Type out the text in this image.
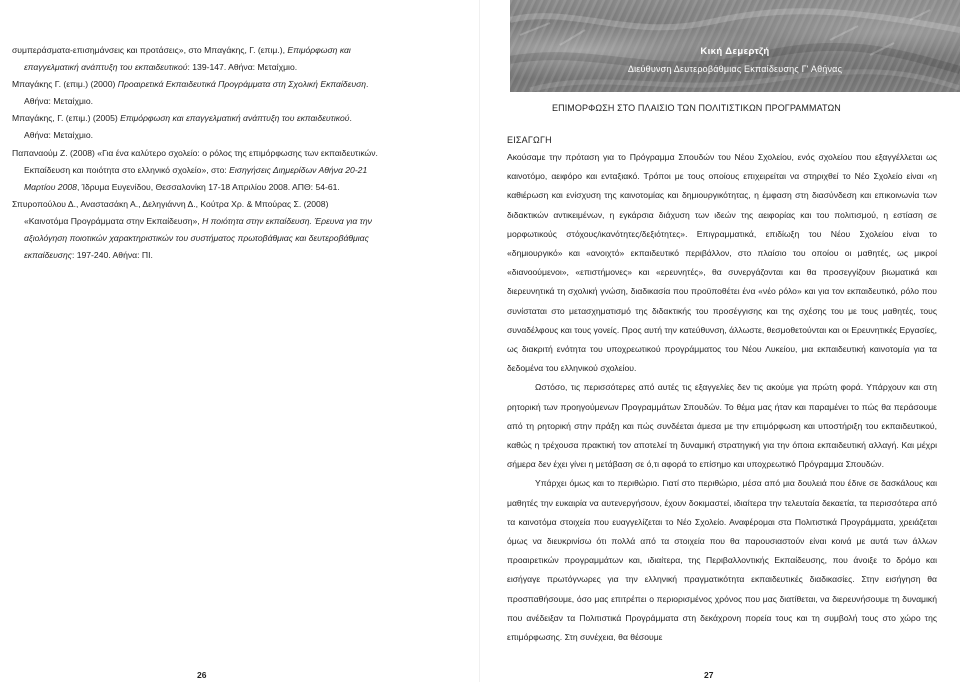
συμπεράσματα-επισημάνσεις και προτάσεις», στο Μπαγάκης, Γ. (επιμ.), Επιμόρφωση και
επαγγελματική ανάπτυξη του εκπαιδευτικού: 139-147. Αθήνα: Μεταίχμιο.
Μπαγάκης Γ. (επιμ.) (2000) Προαιρετικά Εκπαιδευτικά Προγράμματα στη Σχολική Εκπαίδευση.
Αθήνα: Μεταίχμιο.
Μπαγάκης, Γ. (επιμ.) (2005) Επιμόρφωση και επαγγελματική ανάπτυξη του εκπαιδευτικού.
Αθήνα: Μεταίχμιο.
Παπαναούμ Ζ. (2008) «Για ένα καλύτερο σχολείο: ο ρόλος της επιμόρφωσης των εκπαιδευτικών.
Εκπαίδευση και ποιότητα στο ελληνικό σχολείο», στο: Εισηγήσεις Διημερίδων Αθήνα 20-21
Μαρτίου 2008, Ίδρυμα Ευγενίδου, Θεσσαλονίκη 17-18 Απριλίου 2008. ΑΠΘ: 54-61.
Σπυροπούλου Δ., Αναστασάκη Α., Δεληγιάννη Δ., Κούτρα Χρ. & Μπούρας Σ. (2008)
«Καινοτόμα Προγράμματα στην Εκπαίδευση», Η ποιότητα στην εκπαίδευση. Έρευνα για την
αξιολόγηση ποιοτικών χαρακτηριστικών του συστήματος πρωτοβάθμιας και δευτεροβάθμιας
εκπαίδευσης: 197-240. Αθήνα: ΠΙ.
26
Κική Δεμερτζή
Διεύθυνση Δευτεροβάθμιας Εκπαίδευσης Γ' Αθήνας
ΕΠΙΜΟΡΦΩΣΗ ΣΤΟ ΠΛΑΙΣΙΟ ΤΩΝ ΠΟΛΙΤΙΣΤΙΚΩΝ ΠΡΟΓΡΑΜΜΑΤΩΝ
ΕΙΣΑΓΩΓΗ

Ακούσαμε την πρόταση για το Πρόγραμμα Σπουδών του Νέου Σχολείου, ενός σχολείου που εξαγγέλλεται ως καινοτόμο, αειφόρο και ενταξιακό. Τρόποι με τους οποίους επιχειρείται να στηριχθεί το Νέο Σχολείο είναι «η καθιέρωση και ενίσχυση της καινοτομίας και δημιουργικότητας, η έμφαση στη διασύνδεση και επικοινωνία των διδακτικών αντικειμένων, η εγκάρσια διάχυση των ιδεών της αειφορίας και του πολιτισμού, η εστίαση σε μορφωτικούς στόχους/ικανότητες/δεξιότητες». Επιγραμματικά, επιδίωξη του Νέου Σχολείου είναι το «δημιουργικό» και «ανοιχτό» εκπαιδευτικό περιβάλλον, στο πλαίσιο του οποίου οι μαθητές, ως μικροί «διανοούμενοι», «επιστήμονες» και «ερευνητές», θα συνεργάζονται και θα προσεγγίζουν βιωματικά και διερευνητικά τη σχολική γνώση, διαδικασία που προϋποθέτει ένα «νέο ρόλο» και για τον εκπαιδευτικό, ρόλο που συνίσταται στο μετασχηματισμό της διδακτικής του προσέγγισης και της σχέσης του με τους μαθητές, τους συναδέλφους και τους γονείς. Προς αυτή την κατεύθυνση, άλλωστε, θεσμοθετούνται και οι Ερευνητικές Εργασίες, ως διακριτή ενότητα του υποχρεωτικού προγράμματος του Νέου Λυκείου, μια εκπαιδευτική καινοτομία για τα δεδομένα του ελληνικού σχολείου.

Ωστόσο, τις περισσότερες από αυτές τις εξαγγελίες δεν τις ακούμε για πρώτη φορά. Υπάρχουν και στη ρητορική των προηγούμενων Προγραμμάτων Σπουδών. Το θέμα μας ήταν και παραμένει το πώς θα περάσουμε από τη ρητορική στην πράξη και πώς συνδέεται άμεσα με την επιμόρφωση και υποστήριξη του εκπαιδευτικού, καθώς η τρέχουσα πρακτική τον αποτελεί τη δυναμική στρατηγική για την όποια εκπαιδευτική αλλαγή. Και μέχρι σήμερα δεν έχει γίνει η μετάβαση σε ό,τι αφορά το επίσημο και υποχρεωτικό Πρόγραμμα Σπουδών.

Υπάρχει όμως και το περιθώριο. Γιατί στο περιθώριο, μέσα από μια δουλειά που έδινε σε δασκάλους και μαθητές την ευκαιρία να αυτενεργήσουν, έχουν δοκιμαστεί, ιδιαίτερα την τελευταία δεκαετία, τα περισσότερα από τα καινοτόμα στοιχεία που ευαγγελίζεται το Νέο Σχολείο. Αναφέρομαι στα Πολιτιστικά Προγράμματα, χρειάζεται όμως να διευκρινίσω ότι πολλά από τα στοιχεία που θα παρουσιαστούν είναι κοινά με αυτά των άλλων προαιρετικών προγραμμάτων και, ιδιαίτερα, της Περιβαλλοντικής Εκπαίδευσης, που άνοιξε το δρόμο και εισήγαγε πρωτόγνωρες για την ελληνική πραγματικότητα εκπαιδευτικές διαδικασίες. Στην εισήγηση θα προσπαθήσουμε, όσο μας επιτρέπει ο περιορισμένος χρόνος που μας διατίθεται, να διερευνήσουμε τη δυναμική που ανέδειξαν τα Πολιτιστικά Προγράμματα στη δεκάχρονη πορεία τους και τη συμβολή τους στο χώρο της επιμόρφωσης. Στη συνέχεια, θα θέσουμε

27
